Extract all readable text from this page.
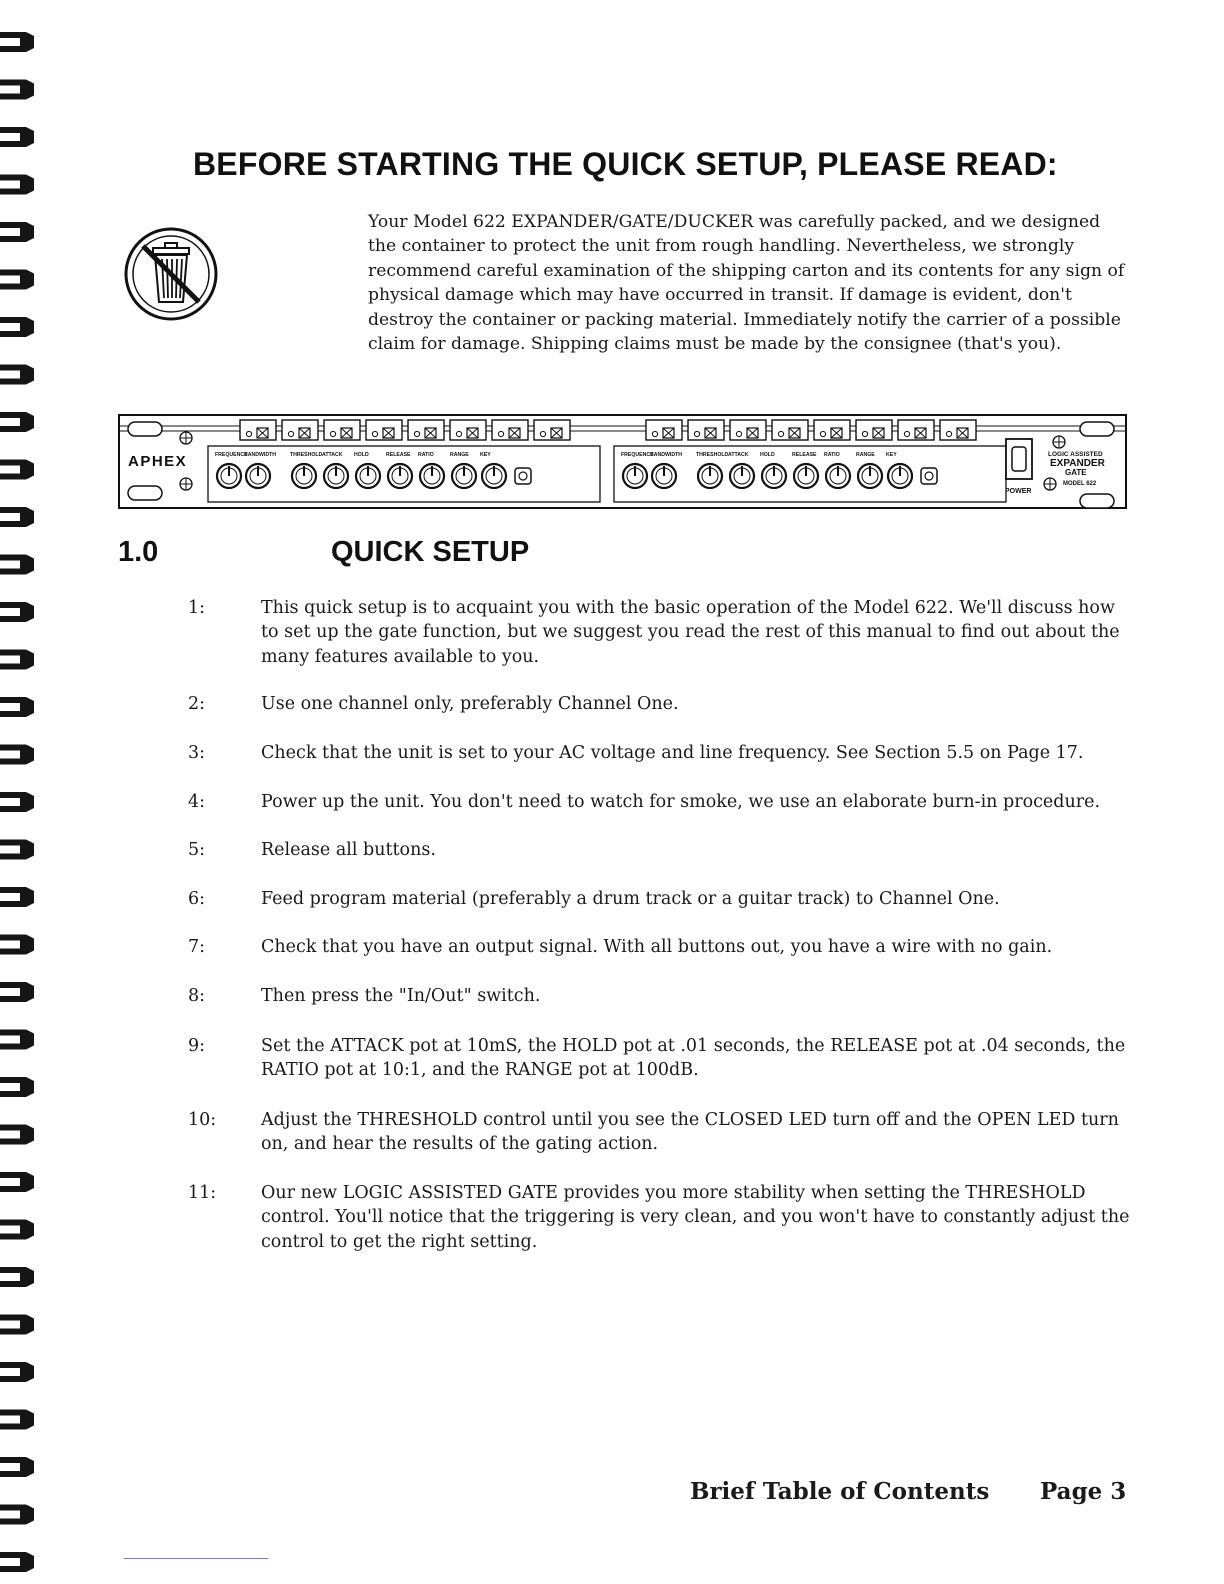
BEFORE STARTING THE QUICK SETUP, PLEASE READ:

Your Model 622 EXPANDER/GATE/DUCKER was carefully packed, and we designed the container to protect the unit from rough handling. Nevertheless, we strongly recommend careful examination of the shipping carton and its contents for any sign of physical damage which may have occurred in transit. If damage is evident, don't destroy the container or packing material. Immediately notify the carrier of a possible claim for damage. Shipping claims must be made by the consignee (that's you).

APHEX	FREQUENCY
BANDWIDTH	THRESHOLD ATTACK HOLD	RELEASE RATIO	RANGE KEY	FREQUENCY
BANDWIDTH	THRESHOLD ATTACK HOLD	RELEASE RATIO	RANGE KEY
POWER
LOGIC ASSISTED
EXPANDER
GATE
MODEL 622
1.0	QUICK SETUP
1:	This quick setup is to acquaint you with the basic operation of the Model 622. We'll discuss how to set up the gate function, but we suggest you read the rest of this manual to find out about the many features available to you.
2:	Use one channel only, preferably Channel One.
3:	Check that the unit is set to your AC voltage and line frequency. See Section 5.5 on Page 17.
4:	Power up the unit. You don't need to watch for smoke, we use an elaborate burn-in procedure.
5:	Release all buttons.
6:	Feed program material (preferably a drum track or a guitar track) to Channel One.
7:	Check that you have an output signal. With all buttons out, you have a wire with no gain.
8:	Then press the "In/Out" switch.
9:	Set the ATTACK pot at 10mS, the HOLD pot at .01 seconds, the RELEASE pot at .04 seconds, the RATIO pot at 10:1, and the RANGE pot at 100dB.
10:	Adjust the THRESHOLD control until you see the CLOSED LED turn off and the OPEN LED turn on, and hear the results of the gating action.
11:	Our new LOGIC ASSISTED GATE provides you more stability when setting the THRESHOLD control. You'll notice that the triggering is very clean, and you won't have to constantly adjust the control to get the right setting.
Brief Table of Contents Page 3
